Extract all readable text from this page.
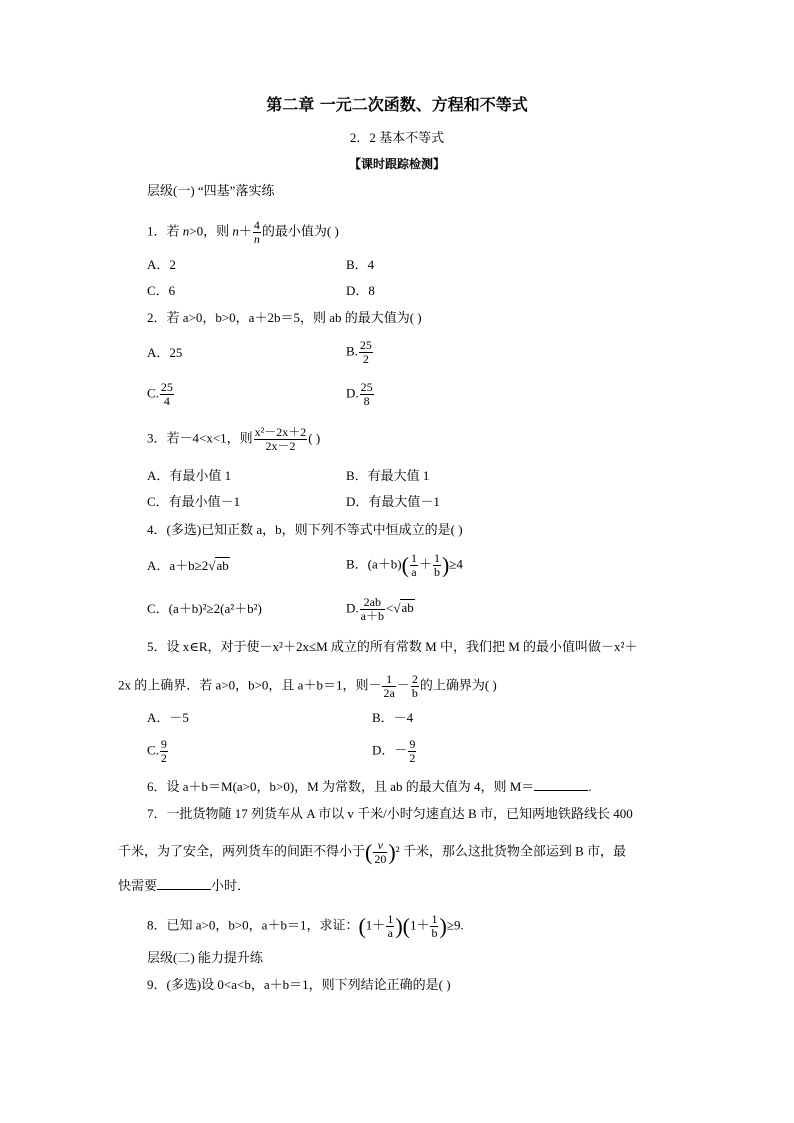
第二章 一元二次函数、方程和不等式
2．2 基本不等式
【课时跟踪检测】
层级(一) “四基”落实练
1．若 n>0，则 $n+ \frac{4}{n}$ 的最小值为( )
A．2	B．4
C．6	D．8
2．若 a>0，b>0，a＋2b＝5，则 ab 的最大值为( )
A．25	B. $\frac{25}{2}$
C. $\frac{25}{4}$	D. $\frac{25}{8}$
3．若－4<x<1，则 $\frac{\text{x²－2x＋2}}{2x-2}$ ( )
A．有最小值 1	B．有最大值 1
C．有最小值－1	D．有最大值－1
4．(多选)已知正数 a，b，则下列不等式中恒成立的是( )
A．a＋b≥2√ab	B．$(a+b)( \frac{1}{a} + \frac{1}{b} )\ge 4$
C．(a＋b)²≥2(a²＋b²)	D. $\frac{2ab}{a+b} <√ab$
5．设 x∈R，对于使－x²＋2x≤M 成立的所有常数 M 中，我们把 M 的最小值叫做－x²＋
2x 的上确界．若 a>0，b>0，且 a＋b＝1，则－ $\frac{1}{2a} - \frac{2}{b}$ 的上确界为( )
A．－5	B．－4
C. $\frac{9}{2}$	D．－ $\frac{9}{2}$
6．设 a＋b＝M(a>0，b>0)，M 为常数，且 ab 的最大值为 4，则 M＝	.
7．一批货物随 17 列货车从 A 市以 v 千米/小时匀速直达 B 市，已知两地铁路线长 400
千米，为了安全，两列货车的间距不得小于( $\frac{v}{20} )^2$ 千米，那么这批货物全部运到 B 市，最
快需要	小时．
8．已知 a>0，b>0，a＋b＝1，求证：$(1+ \frac{1}{a} )(1+ \frac{1}{b} )\ge 9$.
层级(二) 能力提升练
9．(多选)设 0<a<b，a＋b＝1，则下列结论正确的是( )
